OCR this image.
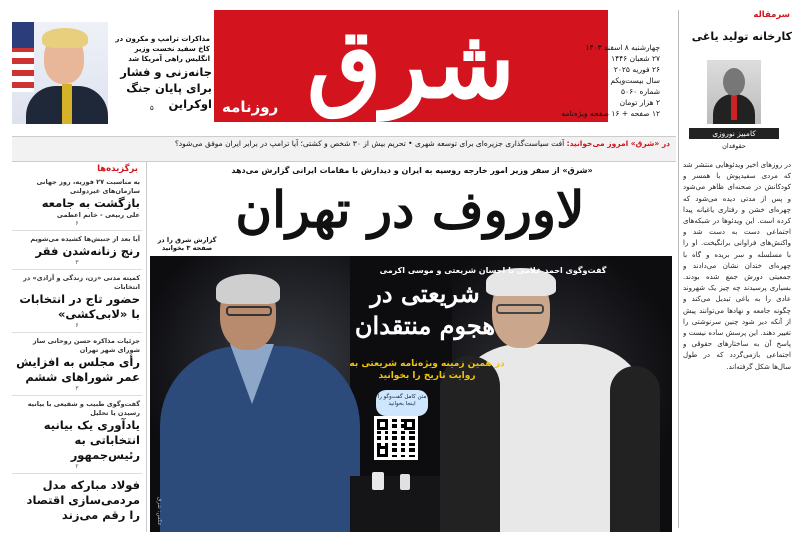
مذاکرات ترامپ و مکرون در کاخ سفید نخست وزیر انگلیس راهی آمریکا شد
جانه‌زنی و فشار برای پایان جنگ اوکراین
۵	شرق
روزنامه
چهارشنبه ۸ اسفند ۱۴۰۳
۲۷ شعبان ۱۴۴۶
۲۶ فوریه ۲۰۲۵
سال بیست‌ویکم
شماره ۵۰۶۰
۲ هزار تومان
۱۲ صفحه + ۱۶ صفحه ویژه‌نامه
سرمقاله
کارخانه تولید یاغی
کامبیز نوروزی
حقوقدان
در روزهای اخیر ویدئوهایی منتشر شد که مردی سفیدپوش با همسر و کودکانش در صحنه‌ای ظاهر می‌شود و پس از مدتی دیده می‌شود که چهره‌ای خشن و رفتاری یاغیانه پیدا کرده است. این ویدئوها در شبکه‌های اجتماعی دست به دست شد و واکنش‌های فراوانی برانگیخت. او را با مسلسله و سر بریده و گاه با چهره‌ای خندان نشان می‌دادند و جمعیتی دورش جمع شده بودند. بسیاری پرسیدند چه چیز یک شهروند عادی را به یاغی تبدیل می‌کند و چگونه جامعه و نهادها می‌توانند پیش از آنکه دیر شود چنین سرنوشتی را تغییر دهند. این پرسش ساده نیست و پاسخ آن به ساختارهای حقوقی و اجتماعی بازمی‌گردد که در طول سال‌ها شکل گرفته‌اند.
در «شرق» امروز می‌خوانید: آفت سیاست‌گذاری جزیره‌ای برای توسعه شهری • تحریم بیش از ۳۰ شخص و کشتی؛ آیا ترامپ در برابر ایران موفق می‌شود؟
برگزیده‌ها
به مناسبت ۲۷ فوریه، روز جهانی سازمان‌های غیردولتی
بازگشت به جامعه
علی ربیعی - خانم اعظمی
۶
آیا بعد از جنبش‌ها کشیده می‌شویم
رنج زنانه‌شدن فقر
۳
کمیته مدنی «زن، زندگی و آزادی» در انتخابات
حضور تاج در انتخابات با «لابی‌کشی»
۶
جزئیات مذاکره حسن روحانی ساز شورای شهر تهران
رأی مجلس به افزایش عمر شوراهای ششم
۳
گفت‌وگوی طبیب و شفیعی با بیانیه رسیدن یا تحلیل
یادآوری یک بیانیه انتخاباتی به رئیس‌جمهور
۲
فولاد مبارکه مدل مردمی‌سازی اقتصاد را رقم می‌زند
«شرق» از سفر وزیر امور خارجه روسیه به ایران و دیدارش با مقامات ایرانی گزارش می‌دهد
لاوروف در تهران
گزارش شرق را در صفحه ۳ بخوانید
گفت‌وگوی احمد غلامی با احسان شریعتی و موسی اکرمی
شریعتی در هجوم منتقدان
در همین زمینه ویژه‌نامه شریعتی به روایت تاریخ را بخوانید
متن کامل گفت‌وگو را اینجا بخوانید
عکس: شرق
